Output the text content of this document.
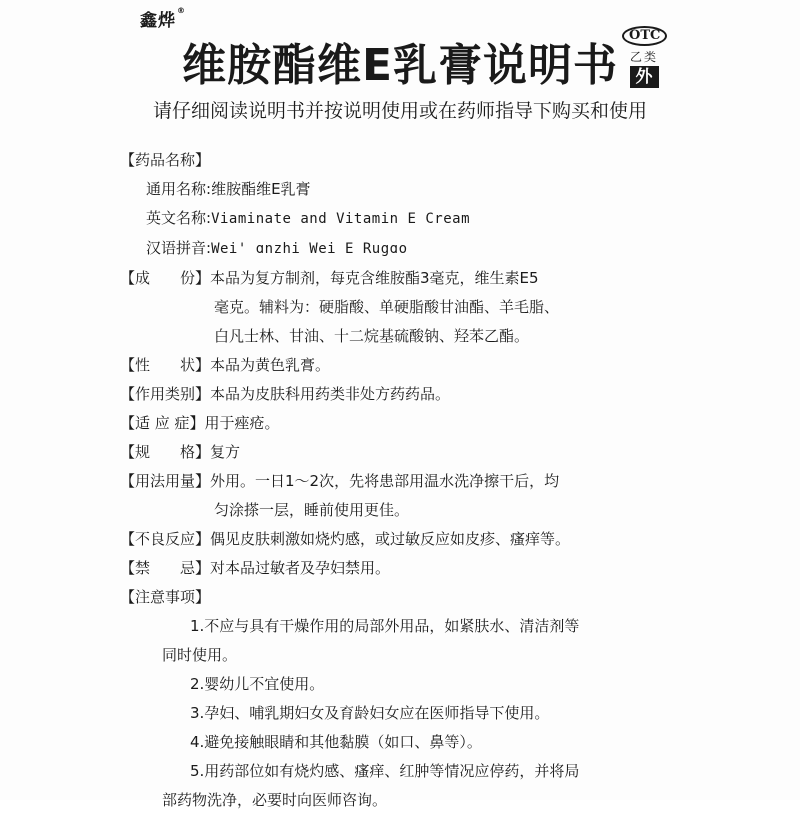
鑫烨®
维胺酯维E乳膏说明书
OTC
乙类
外
请仔细阅读说明书并按说明使用或在药师指导下购买和使用
【药品名称】
通用名称:维胺酯维E乳膏
英文名称:Viaminate and Vitamin E Cream
汉语拼音:Wei' ɑnzhi Wei E Rugɑo
【成　　份】本品为复方制剂，每克含维胺酯3毫克，维生素E5
毫克。辅料为：硬脂酸、单硬脂酸甘油酯、羊毛脂、
白凡士林、甘油、十二烷基硫酸钠、羟苯乙酯。
【性　　状】本品为黄色乳膏。
【作用类别】本品为皮肤科用药类非处方药药品。
【适 应 症】用于痤疮。
【规　　格】复方
【用法用量】外用。一日1～2次，先将患部用温水洗净擦干后，均
匀涂搽一层，睡前使用更佳。
【不良反应】偶见皮肤刺激如烧灼感，或过敏反应如皮疹、瘙痒等。
【禁　　忌】对本品过敏者及孕妇禁用。
【注意事项】
1.不应与具有干燥作用的局部外用品，如紧肤水、清洁剂等
同时使用。
2.婴幼儿不宜使用。
3.孕妇、哺乳期妇女及育龄妇女应在医师指导下使用。
4.避免接触眼睛和其他黏膜（如口、鼻等）。
5.用药部位如有烧灼感、瘙痒、红肿等情况应停药，并将局
部药物洗净，必要时向医师咨询。
